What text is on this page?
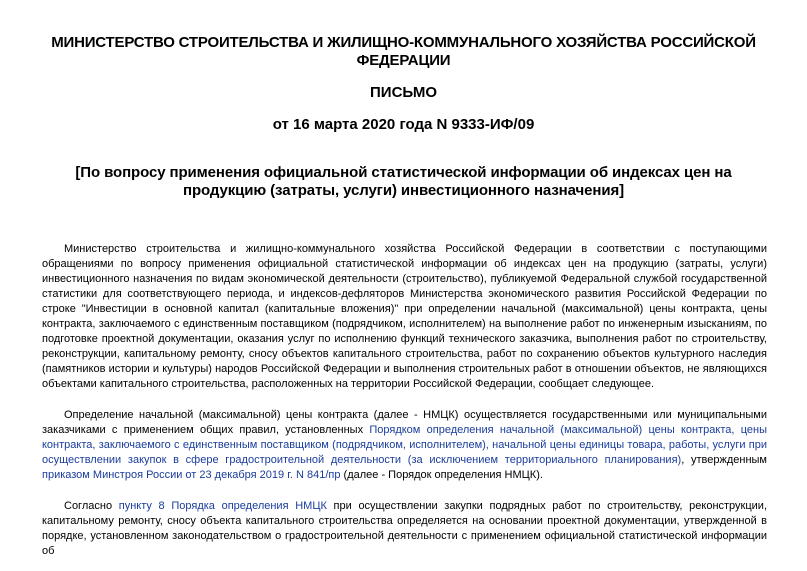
МИНИСТЕРСТВО СТРОИТЕЛЬСТВА И ЖИЛИЩНО-КОММУНАЛЬНОГО ХОЗЯЙСТВА РОССИЙСКОЙ ФЕДЕРАЦИИ
ПИСЬМО
от 16 марта 2020 года N 9333-ИФ/09
[По вопросу применения официальной статистической информации об индексах цен на продукцию (затраты, услуги) инвестиционного назначения]

Министерство строительства и жилищно-коммунального хозяйства Российской Федерации в соответствии с поступающими обращениями по вопросу применения официальной статистической информации об индексах цен на продукцию (затраты, услуги) инвестиционного назначения по видам экономической деятельности (строительство), публикуемой Федеральной службой государственной статистики для соответствующего периода, и индексов-дефляторов Министерства экономического развития Российской Федерации по строке "Инвестиции в основной капитал (капитальные вложения)" при определении начальной (максимальной) цены контракта, цены контракта, заключаемого с единственным поставщиком (подрядчиком, исполнителем) на выполнение работ по инженерным изысканиям, по подготовке проектной документации, оказания услуг по исполнению функций технического заказчика, выполнения работ по строительству, реконструкции, капитальному ремонту, сносу объектов капитального строительства, работ по сохранению объектов культурного наследия (памятников истории и культуры) народов Российской Федерации и выполнения строительных работ в отношении объектов, не являющихся объектами капитального строительства, расположенных на территории Российской Федерации, сообщает следующее.

Определение начальной (максимальной) цены контракта (далее - НМЦК) осуществляется государственными или муниципальными заказчиками с применением общих правил, установленных Порядком определения начальной (максимальной) цены контракта, цены контракта, заключаемого с единственным поставщиком (подрядчиком, исполнителем), начальной цены единицы товара, работы, услуги при осуществлении закупок в сфере градостроительной деятельности (за исключением территориального планирования), утвержденным приказом Минстроя России от 23 декабря 2019 г. N 841/пр (далее - Порядок определения НМЦК).

Согласно пункту 8 Порядка определения НМЦК при осуществлении закупки подрядных работ по строительству, реконструкции, капитальному ремонту, сносу объекта капитального строительства определяется на основании проектной документации, утвержденной в порядке, установленном законодательством о градостроительной деятельности с применением официальной статистической информации об
